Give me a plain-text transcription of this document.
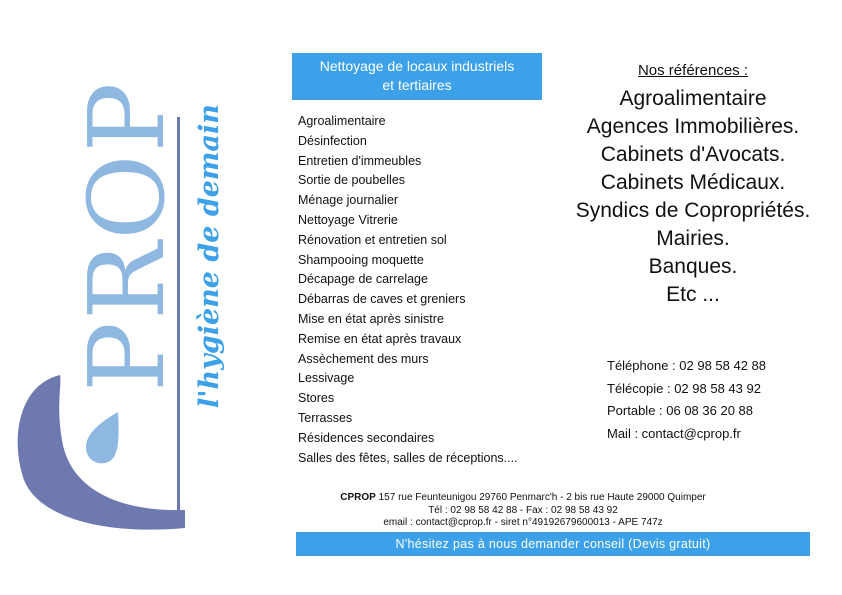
PROP l'hygiène de demain
Nettoyage de locaux industriels
et tertiaires
Agroalimentaire
Désinfection
Entretien d'immeubles
Sortie de poubelles
Ménage journalier
Nettoyage Vitrerie
Rénovation et entretien sol
Shampooing moquette
Décapage de carrelage
Débarras de caves et greniers
Mise en état après sinistre
Remise en état après travaux
Assèchement des murs
Lessivage
Stores
Terrasses
Résidences secondaires
Salles des fêtes, salles de réceptions....
Nos références :
Agroalimentaire
Agences Immobilières.
Cabinets d'Avocats.
Cabinets Médicaux.
Syndics de Copropriétés.
Mairies.
Banques.
Etc ...

Téléphone : 02 98 58 42 88

Télécopie : 02 98 58 43 92

Portable : 06 08 36 20 88

Mail : contact@cprop.fr

CPROP 157 rue Feunteunigou 29760 Penmarc'h - 2 bis rue Haute 29000 Quimper
Tél : 02 98 58 42 88 - Fax : 02 98 58 43 92
email : contact@cprop.fr - siret n°49192679600013 - APE 747z
N'hésitez pas à nous demander conseil (Devis gratuit)
